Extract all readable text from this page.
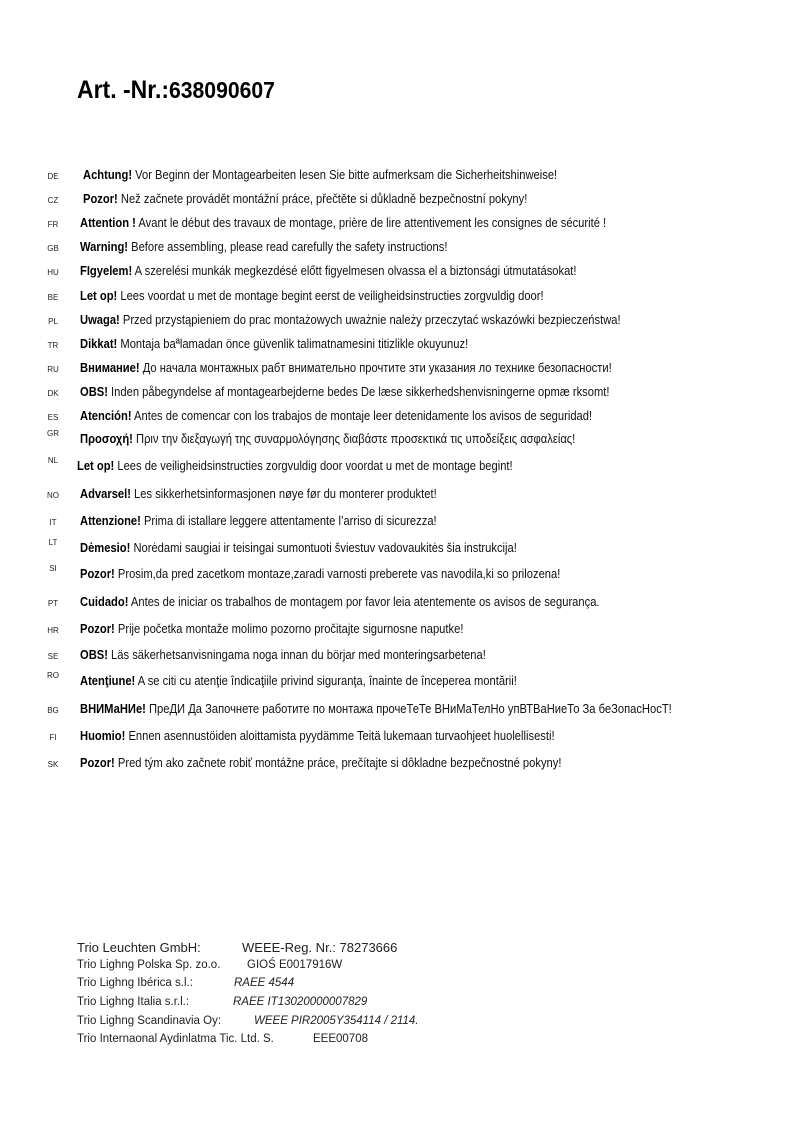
Art. -Nr.:638090607
DE	Achtung! Vor Beginn der Montagearbeiten lesen Sie bitte aufmerksam die Sicherheitshinweise!
CZ	Pozor! Než začnete provádět montážní práce, přečtěte si důkladně bezpečnostní pokyny!
FR	Attention ! Avant le début des travaux de montage, prière de lire attentivement les consignes de sécurité !
GB	Warning! Before assembling, please read carefully the safety instructions!
HU	FIgyelem! A szerelési munkák megkezdésé előtt figyelmesen olvassa el a biztonsági útmutatásokat!
BE	Let op! Lees voordat u met de montage begint eerst de veiligheidsinstructies zorgvuldig door!
PL	Uwaga! Przed przystąpieniem do prac montażowych uważnie należy przeczytać wskazówki bezpieczeństwa!
TR	Dikkat! Montaja baªlamadan önce güvenlik talimatnamesini titizlikle okuyunuz!
RU	Внимание! До начала монтажных рабт внимательно прочтите эти указания ло технике безопасности!
DK	OBS! Inden påbegyndelse af montagearbejderne bedes De læse sikkerhedshenvisningerne opmæ rksomt!
ES	Atención! Antes de comencar con los trabajos de montaje leer detenidamente los avisos de seguridad!
GR	Προσοχή! Πριν την διεξαγωγή της συναρμολόγησης διαβάστε προσεκτικά τις υποδείξεις ασφαλείας!
NL	Let op! Lees de veiligheidsinstructies zorgvuldig door voordat u met de montage begint!
NO	Advarsel! Les sikkerhetsinformasjonen nøye før du monterer produktet!
IT	Attenzione! Prima di istallare leggere attentamente l’arriso di sicurezza!
LT	Dėmesio! Norėdami saugiai ir teisingai sumontuoti šviestuv vadovaukitės šia instrukcija!
SI	Pozor! Prosim,da pred zacetkom montaze,zaradi varnosti preberete vas navodila,ki so prilozena!
PT	Cuidado! Antes de iniciar os trabalhos de montagem por favor leia atentemente os avisos de segurança.
HR	Pozor! Prije početka montaže molimo pozorno pročitajte sigurnosne naputke!
SE	OBS! Läs säkerhetsanvisningama noga innan du börjar med monteringsarbetena!
RO	Atenţiune! A se citi cu atenţie îndicaţiile privind siguranţa, înainte de începerea montării!
BG	ВНИМаНИе! ПреДИ Да Започнете работите по монтажа прочеТеТе ВНиМаТелНо упВТВаНиеТо За беЗопасНосТ!
FI	Huomio! Ennen asennustöiden aloittamista pyydämme Teitä lukemaan turvaohjeet huolellisesti!
SK	Pozor! Pred tým ako začnete robiť montážne práce, prečítajte si dôkladne bezpečnostné pokyny!
Trio Leuchten GmbH:	WEEE-Reg. Nr.: 78273666
Trio Lighng Polska Sp. zo.o. GIOŚ E0017916W
Trio Lighng Ibérica s.l.:	RAEE 4544
Trio Lighng Italia s.r.l.:	RAEE IT13020000007829
Trio Lighng Scandinavia Oy:	WEEE PIR2005Y354114 / 2114.
Trio Internaonal Aydinlatma Tic. Ltd. S.	EEE00708
